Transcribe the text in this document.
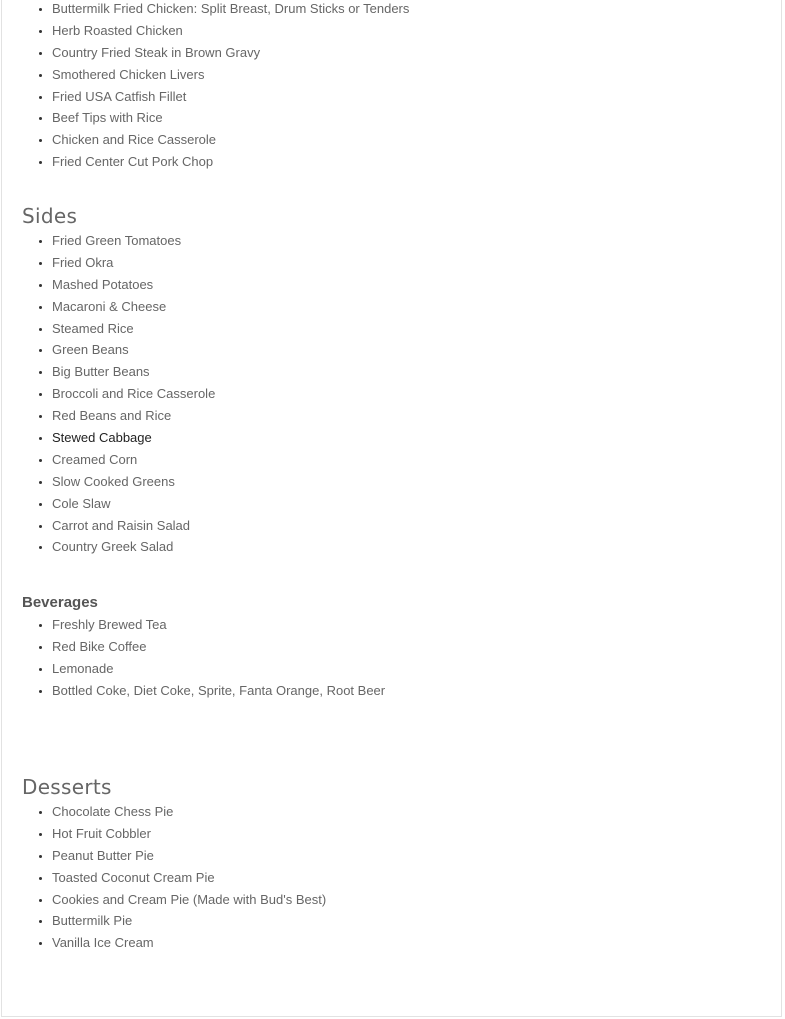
• Buttermilk Fried Chicken: Split Breast, Drum Sticks or Tenders
• Herb Roasted Chicken
• Country Fried Steak in Brown Gravy
• Smothered Chicken Livers
• Fried USA Catfish Fillet
• Beef Tips with Rice
• Chicken and Rice Casserole
• Fried Center Cut Pork Chop
Sides
• Fried Green Tomatoes
• Fried Okra
• Mashed Potatoes
• Macaroni & Cheese
• Steamed Rice
• Green Beans
• Big Butter Beans
• Broccoli and Rice Casserole
• Red Beans and Rice
• Stewed Cabbage
• Creamed Corn
• Slow Cooked Greens
• Cole Slaw
• Carrot and Raisin Salad
• Country Greek Salad
Beverages
• Freshly Brewed Tea
• Red Bike Coffee
• Lemonade
• Bottled Coke, Diet Coke, Sprite, Fanta Orange, Root Beer
Desserts
• Chocolate Chess Pie
• Hot Fruit Cobbler
• Peanut Butter Pie
• Toasted Coconut Cream Pie
• Cookies and Cream Pie (Made with Bud's Best)
• Buttermilk Pie
• Vanilla Ice Cream
